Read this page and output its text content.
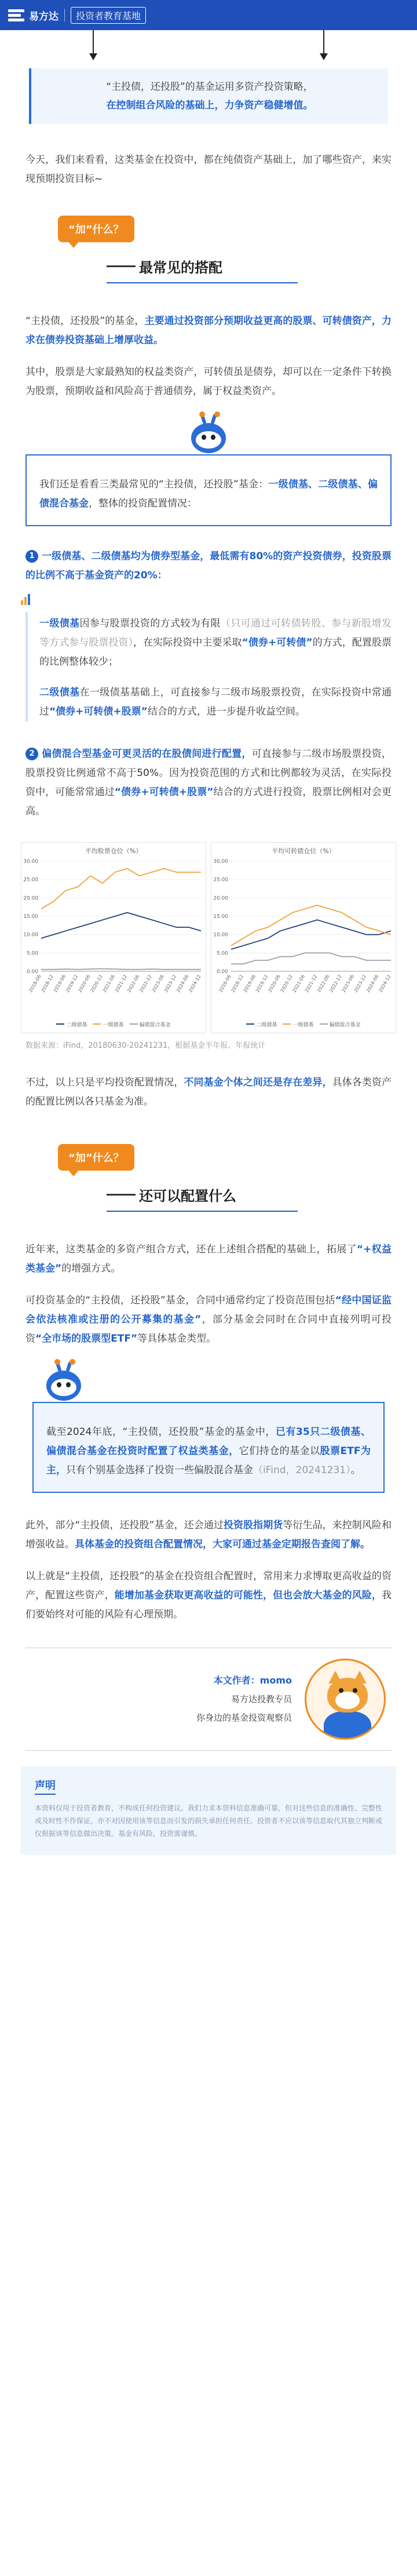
易方达	投资者教育基地
“主投债，还投股”的基金运用多资产投资策略，
在控制组合风险的基础上，力争资产稳健增值。

今天，我们来看看，这类基金在投资中，都在纯债资产基础上，加了哪些资产，来实现预期投资目标~

“加”什么？
最常见的搭配

“主投债，还投股”的基金，主要通过投资部分预期收益更高的股票、可转债资产，力求在债券投资基础上增厚收益。

其中，股票是大家最熟知的权益类资产，可转债虽是债券，却可以在一定条件下转换为股票，预期收益和风险高于普通债券，属于权益类资产。

我们还是看看三类最常见的“主投债，还投股”基金：一级债基、二级债基、偏债混合基金，整体的投资配置情况：

1 一级债基、二级债基均为债券型基金，最低需有80%的资产投资债券，投资股票的比例不高于基金资产的20%：

一级债基因参与股票投资的方式较为有限（只可通过可转债转股、参与新股增发等方式参与股票投资），在实际投资中主要采取“债券+可转债”的方式，配置股票的比例整体较少；

二级债基在一级债基基础上，可直接参与二级市场股票投资，在实际投资中常通过“债券+可转债+股票”结合的方式，进一步提升收益空间。

2 偏债混合型基金可更灵活的在股债间进行配置，可直接参与二级市场股票投资，股票投资比例通常不高于50%。因为投资范围的方式和比例都较为灵活，在实际投资中，可能常常通过“债券+可转债+股票”结合的方式进行投资，股票比例相对会更高。

平均股票仓位（%）
0.00
5.00
10.00
15.00
20.00
25.00
30.00
2018-06
2018-12
2019-06
2019-12
2020-06
2020-12
2021-06
2021-12
2022-06
2022-12
2023-06
2023-12
2024-06
2024-12
二级债基	一级债基	偏债混合基金
平均可转债仓位（%）
0.00
5.00
10.00
15.00
20.00
25.00
30.00
2018-06
2018-12
2019-06
2019-12
2020-06
2020-12
2021-06
2021-12
2022-06
2022-12
2023-06
2023-12
2024-06
2024-12
二级债基	一级债基	偏债混合基金

数据来源：iFind，20180630-20241231，根据基金半年报、年报统计

不过，以上只是平均投资配置情况，不同基金个体之间还是存在差异，具体各类资产的配置比例以各只基金为准。

“加”什么？
还可以配置什么

近年来，这类基金的多资产组合方式，还在上述组合搭配的基础上，拓展了“+权益类基金”的增强方式。

可投资基金的“主投债，还投股”基金，合同中通常约定了投资范围包括“经中国证监会依法核准或注册的公开募集的基金”，部分基金会同时在合同中直接列明可投资“全市场的股票型ETF”等具体基金类型。

截至2024年底，“主投债，还投股”基金的基金中，已有35只二级债基、偏债混合基金在投资时配置了权益类基金，它们持仓的基金以股票ETF为主，只有个别基金选择了投资一些偏股混合基金（iFind，20241231）。

此外，部分“主投债，还投股”基金，还会通过投资股指期货等衍生品，来控制风险和增强收益。具体基金的投资组合配置情况，大家可通过基金定期报告查阅了解。

以上就是“主投债，还投股”的基金在投资组合配置时，常用来力求博取更高收益的资产，配置这些资产，能增加基金获取更高收益的可能性，但也会放大基金的风险，我们要始终对可能的风险有心理预期。

本文作者：momo
易方达投教专员
你身边的基金投资观察员
声明

本资料仅用于投资者教育，不构成任何投资建议。我们力求本资料信息准确可靠，但对这些信息的准确性、完整性或及时性不作保证，亦不对因使用该等信息而引发的损失承担任何责任。投资者不应以该等信息取代其独立判断或仅根据该等信息做出决策。基金有风险，投资需谨慎。
